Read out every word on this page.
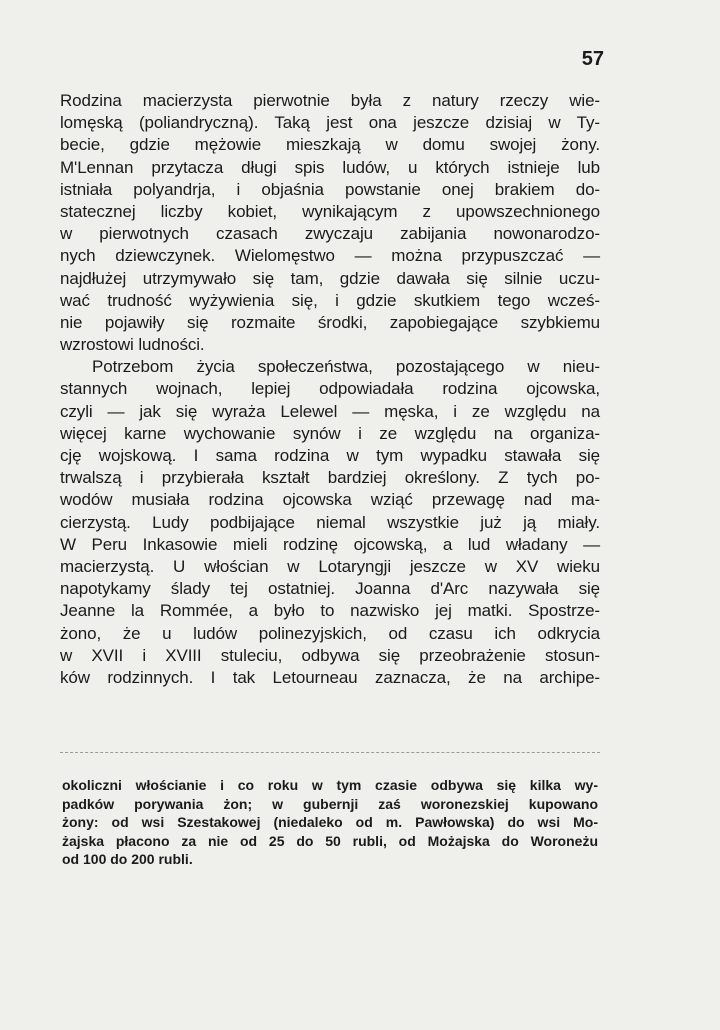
57
Rodzina macierzysta pierwotnie była z natury rzeczy wie-
lomęską (poliandryczną). Taką jest ona jeszcze dzisiaj w Ty-
becie, gdzie mężowie mieszkają w domu swojej żony.
M'Lennan przytacza długi spis ludów, u których istnieje lub
istniała polyandrja, i objaśnia powstanie onej brakiem do-
statecznej liczby kobiet, wynikającym z upowszechnionego
w pierwotnych czasach zwyczaju zabijania nowonarodzo-
nych dziewczynek. Wielomęstwo — można przypuszczać —
najdłużej utrzymywało się tam, gdzie dawała się silnie uczu-
wać trudność wyżywienia się, i gdzie skutkiem tego wcześ-
nie pojawiły się rozmaite środki, zapobiegające szybkiemu
wzrostowi ludności.
Potrzebom życia społeczeństwa, pozostającego w nieu-
stannych wojnach, lepiej odpowiadała rodzina ojcowska,
czyli — jak się wyraża Lelewel — męska, i ze względu na
więcej karne wychowanie synów i ze względu na organiza-
cję wojskową. I sama rodzina w tym wypadku stawała się
trwalszą i przybierała kształt bardziej określony. Z tych po-
wodów musiała rodzina ojcowska wziąć przewagę nad ma-
cierzystą. Ludy podbijające niemal wszystkie już ją miały.
W Peru Inkasowie mieli rodzinę ojcowską, a lud władany —
macierzystą. U włościan w Lotaryngji jeszcze w XV wieku
napotykamy ślady tej ostatniej. Joanna d'Arc nazywała się
Jeanne la Rommée, a było to nazwisko jej matki. Spostrze-
żono, że u ludów polinezyjskich, od czasu ich odkrycia
w XVII i XVIII stuleciu, odbywa się przeobrażenie stosun-
ków rodzinnych. I tak Letourneau zaznacza, że na archipe-
okoliczni włościanie i co roku w tym czasie odbywa się kilka wy-
padków porywania żon; w gubernji zaś woronezskiej kupowano
żony: od wsi Szestakowej (niedaleko od m. Pawłowska) do wsi Mo-
żajska płacono za nie od 25 do 50 rubli, od Możajska do Woroneżu
od 100 do 200 rubli.
